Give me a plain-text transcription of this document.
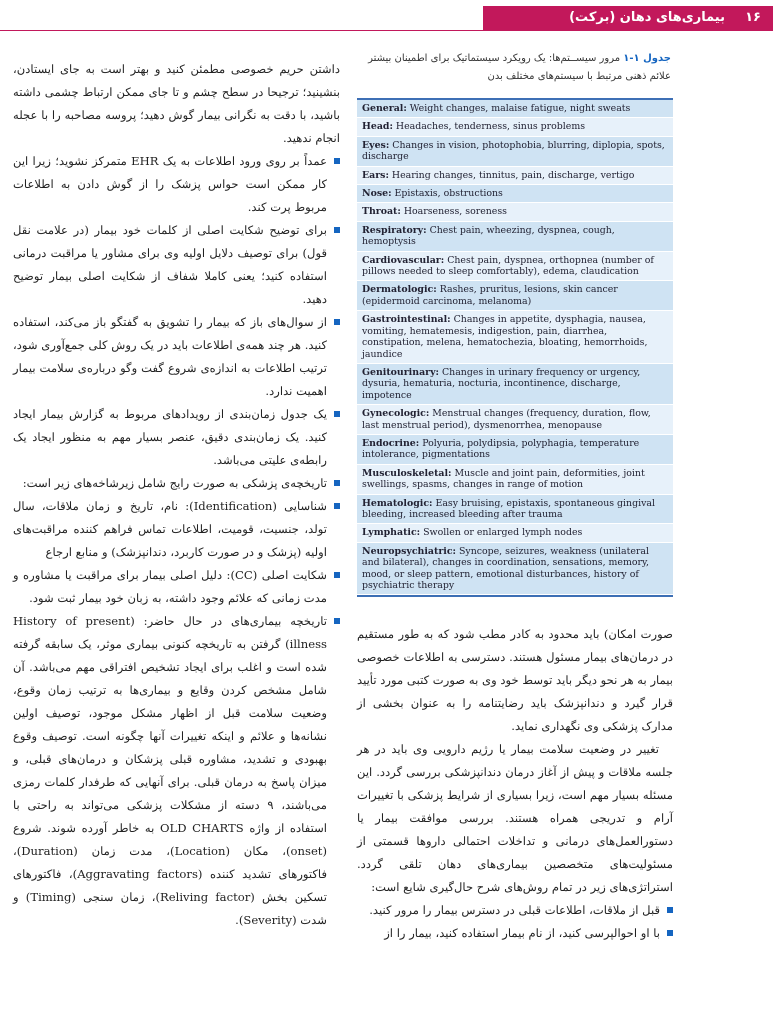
۱۶
بیماری‌های دهان (برکت)

داشتن حریم خصوصی مطمئن کنید و بهتر است به جای ایستادن، بنشینید؛ ترجیحا در سطح چشم و تا جای ممکن ارتباط چشمی داشته باشید، با دقت به نگرانی بیمار گوش دهید؛ پروسه مصاحبه را با عجله انجام ندهید.

عمداً بر روی ورود اطلاعات به یک EHR متمرکز نشوید؛ زیرا این کار ممکن است حواس پزشک را از گوش دادن به اطلاعات مربوط پرت کند.
برای توضیح شکایت اصلی از کلمات خود بیمار (در علامت نقل قول) برای توصیف دلایل اولیه وی برای مشاور یا مراقبت درمانی استفاده کنید؛ یعنی کاملا شفاف از شکایت اصلی بیمار توضیح دهید.
از سوال‌های باز که بیمار را تشویق به گفتگو باز می‌کند، استفاده کنید. هر چند همه‌ی اطلاعات باید در یک روش کلی جمع‌آوری شود، ترتیب اطلاعات به اندازه‌ی شروع گفت وگو درباره‌ی سلامت بیمار اهمیت ندارد.
یک جدول زمان‌بندی از رویدادهای مربوط به گزارش بیمار ایجاد کنید. یک زمان‌بندی دقیق، عنصر بسیار مهم به منظور ایجاد یک رابطه‌ی علیتی می‌باشد.
تاریخچه‌ی پزشکی به صورت رایج شامل زیرشاخه‌های زیر است:
شناسایی (Identification): نام، تاریخ و زمان ملاقات، سال تولد، جنسیت، قومیت، اطلاعات تماس فراهم کننده مراقبت‌های اولیه (پزشک و در صورت کاربرد، دندانپزشک) و منابع ارجاع
شکایت اصلی (CC): دلیل اصلی بیمار برای مراقبت یا مشاوره و مدت زمانی که علائم وجود داشته، به زبان خود بیمار ثبت شود.
تاریخچه بیماری‌های در حال حاضر: (History of present illness) گرفتن به تاریخچه کنونی بیماری موثر، یک سابقه گرفته شده است و اغلب برای ایجاد تشخیص افتراقی مهم می‌باشد. آن شامل مشخص کردن وقایع و بیماری‌ها به ترتیب زمان وقوع، وضعیت سلامت قبل از اظهار مشکل موجود، توصیف اولین نشانه‌ها و علائم و اینکه تغییرات آنها چگونه است. توصیف وقوع بهبودی و تشدید، مشاوره قبلی پزشکان و درمان‌های قبلی، و میزان پاسخ به درمان قبلی. برای آنهایی که طرفدار کلمات رمزی می‌باشند، ۹ دسته از مشکلات پزشکی می‌تواند به راحتی با استفاده از واژه OLD CHARTS به خاطر آورده شوند. شروع (onset)، مکان (Location)، مدت زمان (Duration)، فاکتورهای تشدید کننده (Aggravating factors)، فاکتورهای تسکین بخش (Reliving factor)، زمان سنجی (Timing) و شدت (Severity).
جدول ۱-۱ مرور سیســتم‌ها: یک رویکرد سیستماتیک برای اطمینان بیشتر
علائم ذهنی مرتبط با سیستم‌های مختلف بدن
General: Weight changes, malaise fatigue, night sweats
Head: Headaches, tenderness, sinus problems
Eyes: Changes in vision, photophobia, blurring, diplopia, spots, discharge
Ears: Hearing changes, tinnitus, pain, discharge, vertigo
Nose: Epistaxis, obstructions
Throat: Hoarseness, soreness
Respiratory: Chest pain, wheezing, dyspnea, cough, hemoptysis
Cardiovascular: Chest pain, dyspnea, orthopnea (number of pillows needed to sleep comfortably), edema, claudication
Dermatologic: Rashes, pruritus, lesions, skin cancer (epidermoid carcinoma, melanoma)
Gastrointestinal: Changes in appetite, dysphagia, nausea, vomiting, hematemesis, indigestion, pain, diarrhea, constipation, melena, hematochezia, bloating, hemorrhoids, jaundice
Genitourinary: Changes in urinary frequency or urgency, dysuria, hematuria, nocturia, incontinence, discharge, impotence
Gynecologic: Menstrual changes (frequency, duration, flow, last menstrual period), dysmenorrhea, menopause
Endocrine: Polyuria, polydipsia, polyphagia, temperature intolerance, pigmentations
Musculoskeletal: Muscle and joint pain, deformities, joint swellings, spasms, changes in range of motion
Hematologic: Easy bruising, epistaxis, spontaneous gingival bleeding, increased bleeding after trauma
Lymphatic: Swollen or enlarged lymph nodes
Neuropsychiatric: Syncope, seizures, weakness (unilateral and bilateral), changes in coordination, sensations, memory, mood, or sleep pattern, emotional disturbances, history of psychiatric therapy

صورت امکان) باید محدود به کادر مطب شود که به طور مستقیم در درمان‌های بیمار مسئول هستند. دسترسی به اطلاعات خصوصی بیمار به هر نحو دیگر باید توسط خود وی به صورت کتبی مورد تأیید قرار گیرد و دندانپزشک باید رضایتنامه را به عنوان بخشی از مدارک پزشکی وی نگهداری نماید.

تغییر در وضعیت سلامت بیمار یا رژیم دارویی وی باید در هر جلسه ملاقات و پیش از آغاز درمان دندانپزشکی بررسی گردد. این مسئله بسیار مهم است، زیرا بسیاری از شرایط پزشکی با تغییرات آرام و تدریجی همراه هستند. بررسی موافقت بیمار یا دستورالعمل‌های درمانی و تداخلات احتمالی داروها قسمتی از مسئولیت‌های متخصصین بیماری‌های دهان تلقی گردد. استراتژی‌های زیر در تمام روش‌های شرح حال‌گیری شایع است:

قبل از ملاقات، اطلاعات قبلی در دسترس بیمار را مرور کنید.
با او احوالپرسی کنید، از نام بیمار استفاده کنید، بیمار را از
